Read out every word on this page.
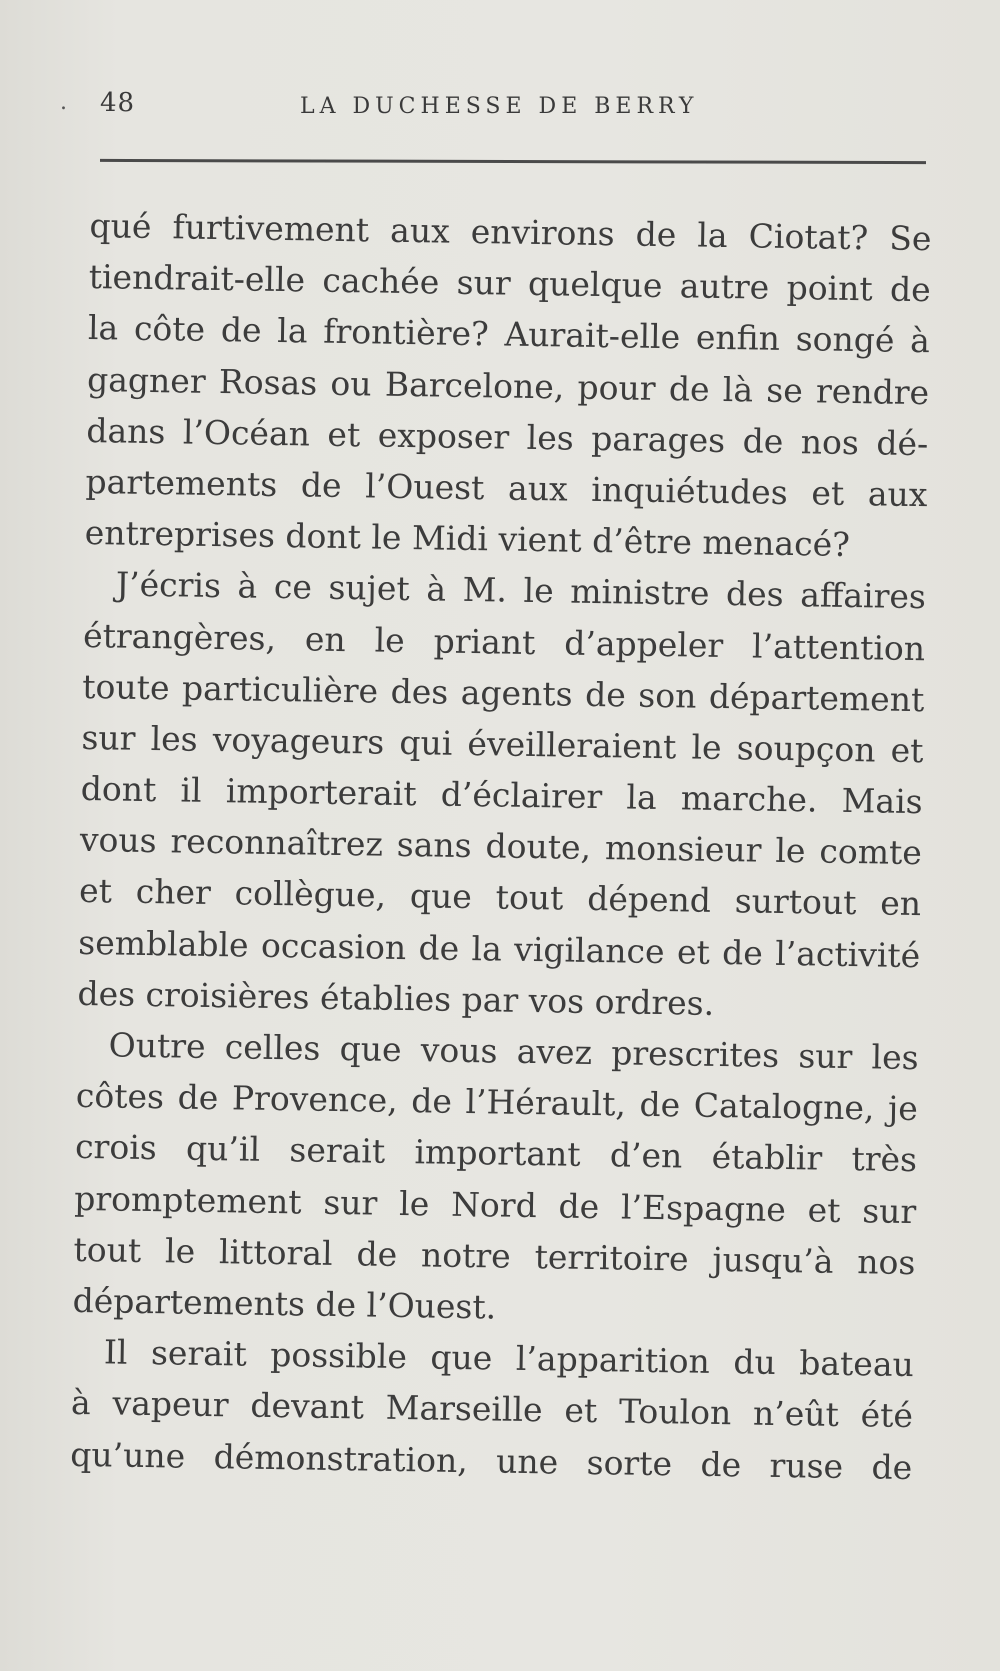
. 48	LA DUCHESSE DE BERRY
qué furtivement aux environs de la Ciotat? Se
tiendrait-elle cachée sur quelque autre point de
la côte de la frontière? Aurait-elle enfin songé à
gagner Rosas ou Barcelone, pour de là se rendre
dans l’Océan et exposer les parages de nos dé-
partements de l’Ouest aux inquiétudes et aux
entreprises dont le Midi vient d’être menacé?
J’écris à ce sujet à M. le ministre des affaires
étrangères, en le priant d’appeler l’attention
toute particulière des agents de son département
sur les voyageurs qui éveilleraient le soupçon et
dont il importerait d’éclairer la marche. Mais
vous reconnaîtrez sans doute, monsieur le comte
et cher collègue, que tout dépend surtout en
semblable occasion de la vigilance et de l’activité
des croisières établies par vos ordres.
Outre celles que vous avez prescrites sur les
côtes de Provence, de l’Hérault, de Catalogne, je
crois qu’il serait important d’en établir très
promptement sur le Nord de l’Espagne et sur
tout le littoral de notre territoire jusqu’à nos
départements de l’Ouest.
Il serait possible que l’apparition du bateau
à vapeur devant Marseille et Toulon n’eût été
qu’une démonstration, une sorte de ruse de
